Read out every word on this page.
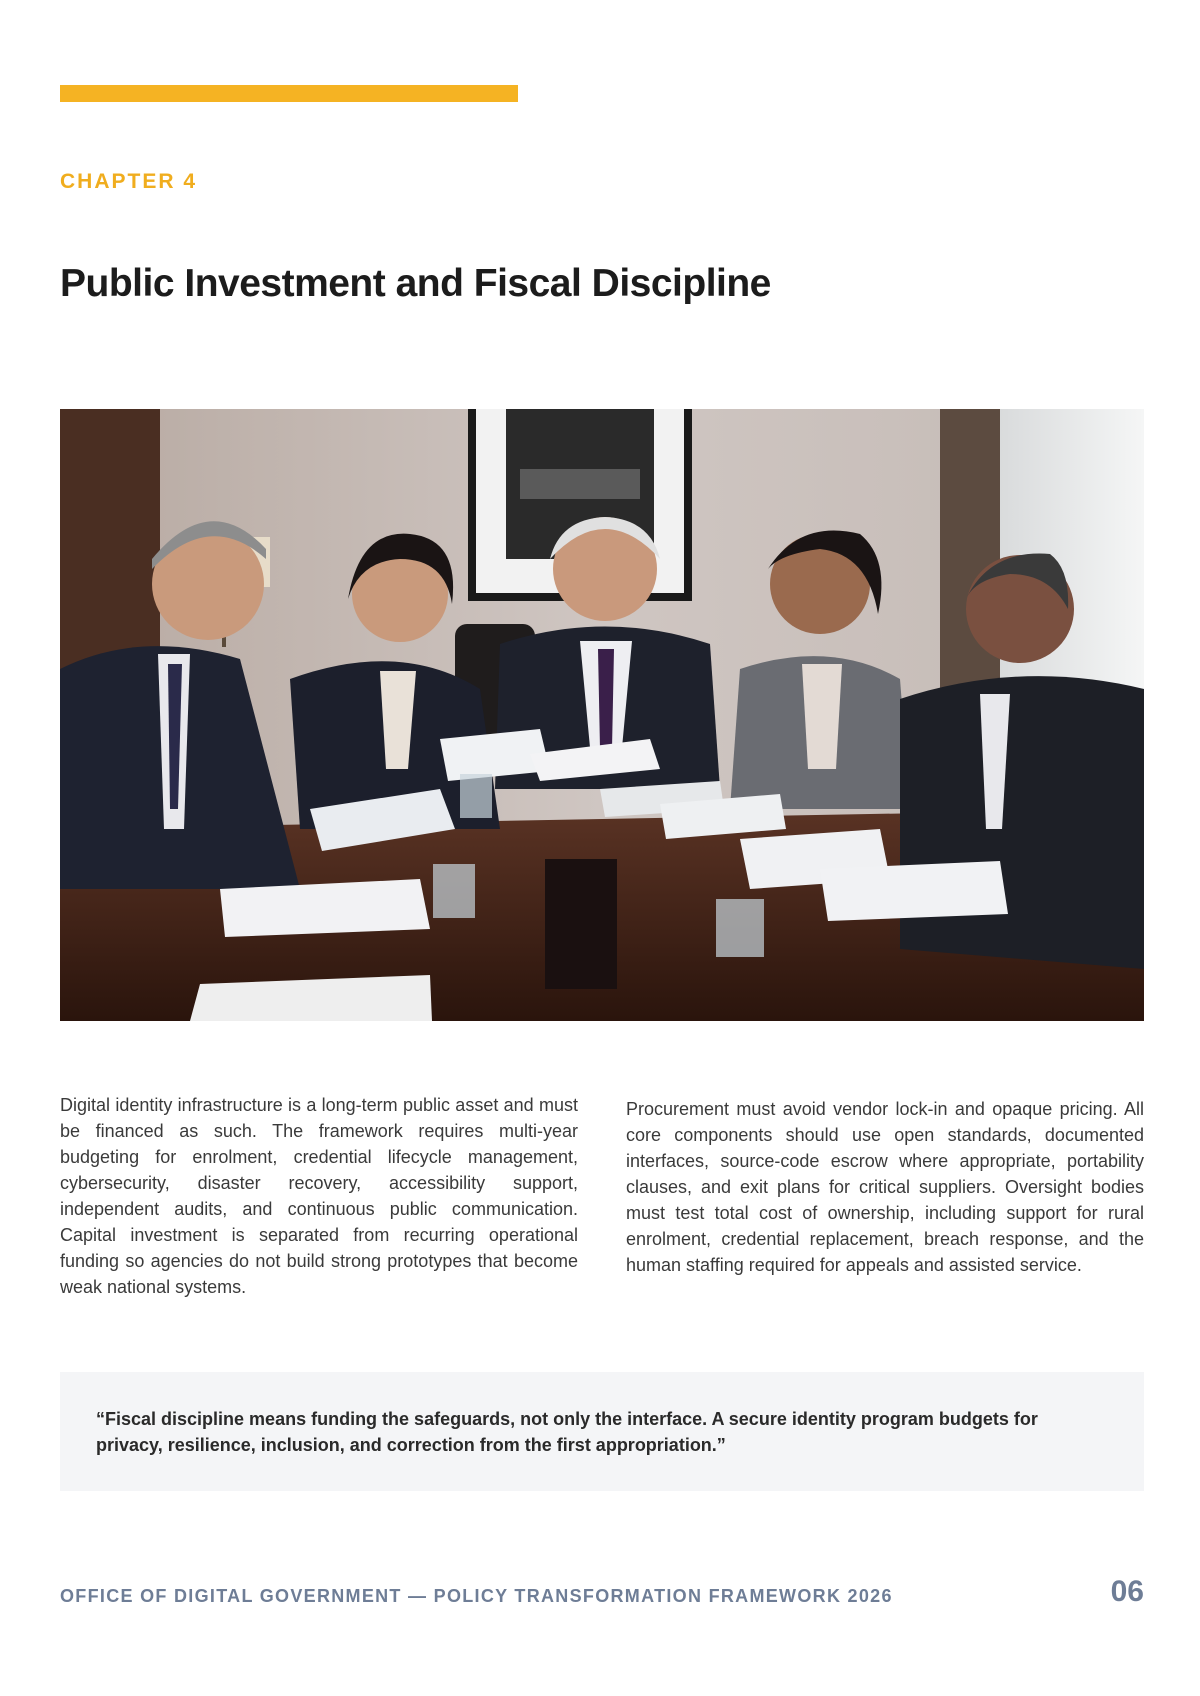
CHAPTER 4
Public Investment and Fiscal Discipline

Digital identity infrastructure is a long-term public asset and must be financed as such. The framework requires multi-year budgeting for enrolment, credential lifecycle management, cybersecurity, disaster recovery, accessibility support, independent audits, and continuous public communication. Capital investment is separated from recurring operational funding so agencies do not build strong prototypes that become weak national systems.

Procurement must avoid vendor lock-in and opaque pricing. All core components should use open standards, documented interfaces, source-code escrow where appropriate, portability clauses, and exit plans for critical suppliers. Oversight bodies must test total cost of ownership, including support for rural enrolment, credential replacement, breach response, and the human staffing required for appeals and assisted service.

“Fiscal discipline means funding the safeguards, not only the interface. A secure identity program budgets for privacy, resilience, inclusion, and correction from the first appropriation.”

OFFICE OF DIGITAL GOVERNMENT — POLICY TRANSFORMATION FRAMEWORK 2026	06
